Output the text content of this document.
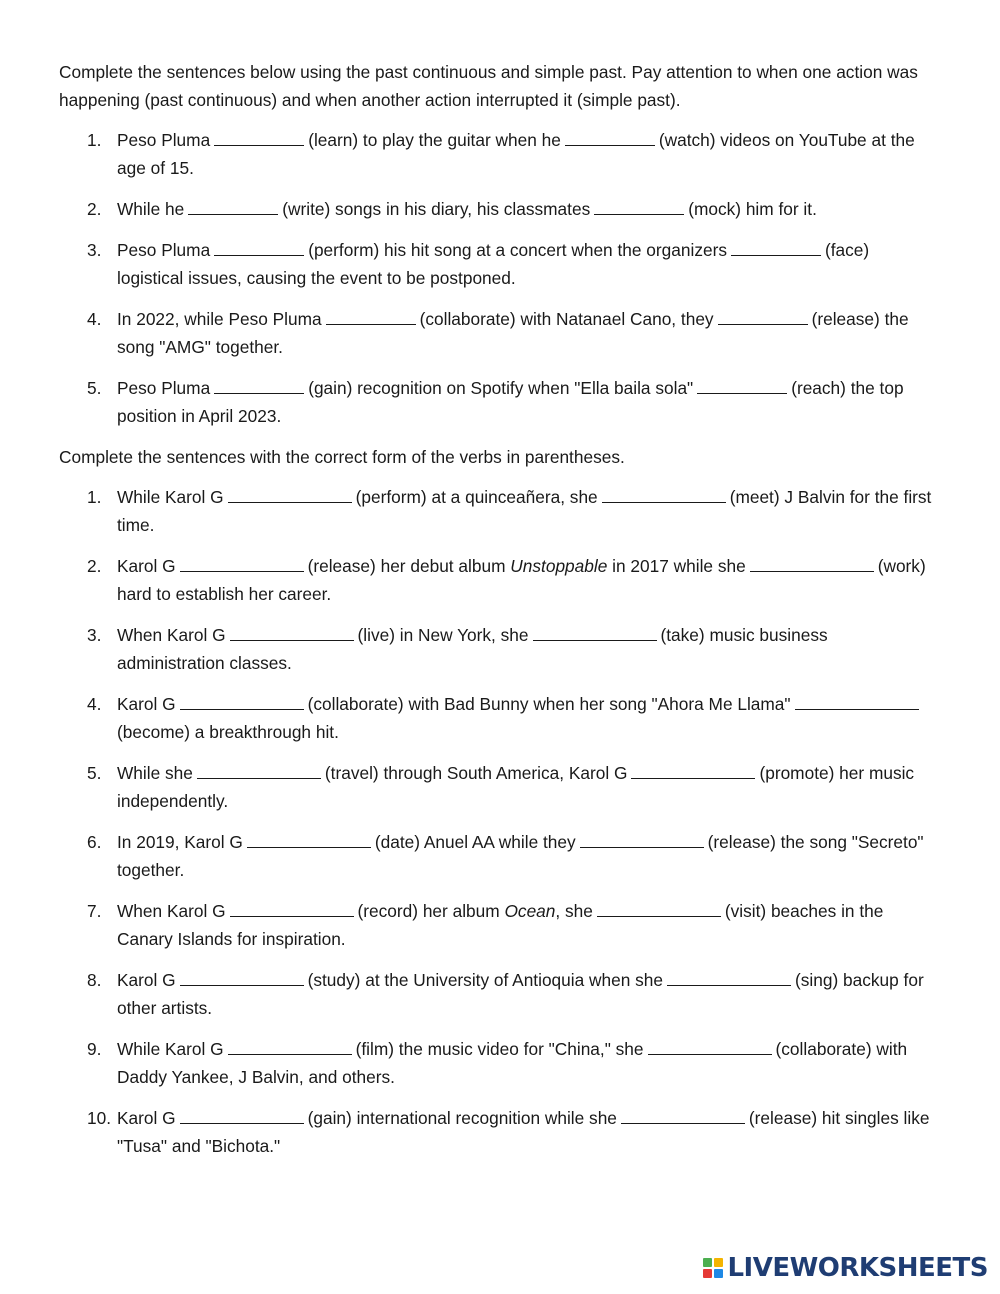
Complete the sentences below using the past continuous and simple past. Pay attention to when one action was happening (past continuous) and when another action interrupted it (simple past).

1. Peso Pluma	(learn) to play the guitar when he	(watch) videos on YouTube at the age of 15.
2. While he	(write) songs in his diary, his classmates	(mock) him for it.
3. Peso Pluma	(perform) his hit song at a concert when the organizers	(face) logistical issues, causing the event to be postponed.
4. In 2022, while Peso Pluma	(collaborate) with Natanael Cano, they	(release) the song "AMG" together.
5. Peso Pluma	(gain) recognition on Spotify when "Ella baila sola"	(reach) the top position in April 2023.

Complete the sentences with the correct form of the verbs in parentheses.

1. While Karol G	(perform) at a quinceañera, she	(meet) J Balvin for the first time.
2. Karol G	(release) her debut album Unstoppable in 2017 while she	(work) hard to establish her career.
3. When Karol G	(live) in New York, she	(take) music business administration classes.
4. Karol G	(collaborate) with Bad Bunny when her song "Ahora Me Llama"(become) a breakthrough hit.
5. While she	(travel) through South America, Karol G	(promote) her music independently.
6. In 2019, Karol G	(date) Anuel AA while they	(release) the song "Secreto" together.
7. When Karol G	(record) her album Ocean, she	(visit) beaches in the Canary Islands for inspiration.
8. Karol G	(study) at the University of Antioquia when she	(sing) backup for other artists.
9. While Karol G	(film) the music video for "China," she	(collaborate) with Daddy Yankee, J Balvin, and others.
10. Karol G	(gain) international recognition while she	(release) hit singles like "Tusa" and "Bichota."
LIVEWORKSHEETS
